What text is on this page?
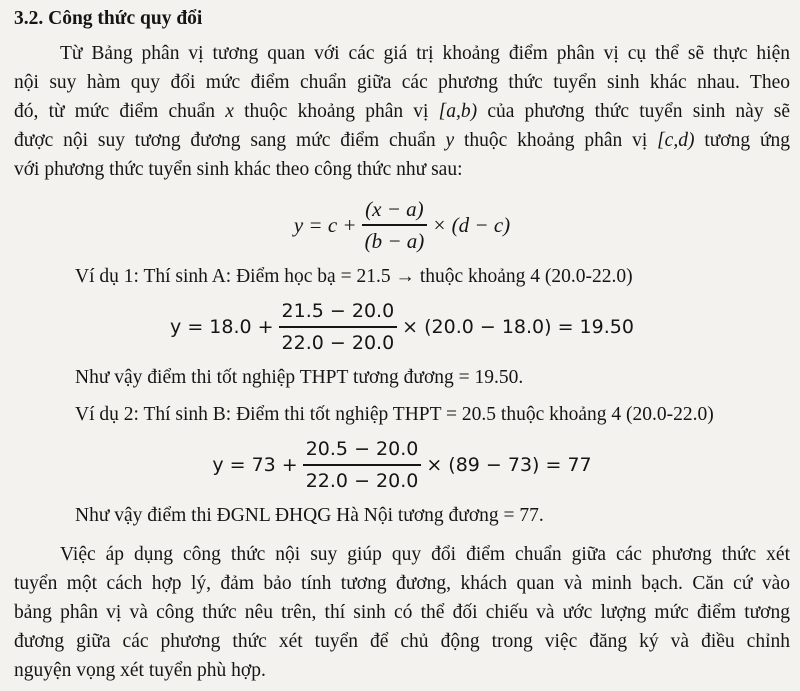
3.2. Công thức quy đổi
Từ Bảng phân vị tương quan với các giá trị khoảng điểm phân vị cụ thể sẽ thực hiện
nội suy hàm quy đổi mức điểm chuẩn giữa các phương thức tuyển sinh khác nhau. Theo
đó, từ mức điểm chuẩn x thuộc khoảng phân vị [a,b) của phương thức tuyển sinh này sẽ
được nội suy tương đương sang mức điểm chuẩn y thuộc khoảng phân vị [c,d) tương ứng
với phương thức tuyển sinh khác theo công thức như sau:
$y = c + \frac{(x - a)}{(b - a)} \times (d - c)$
Ví dụ 1: Thí sinh A: Điểm học bạ = 21.5 → thuộc khoảng 4 (20.0-22.0)
$y = 18.0 + \frac{21.5 - 20.0}{22.0 - 20.0} \times (20.0 - 18.0) = 19.50$
Như vậy điểm thi tốt nghiệp THPT tương đương = 19.50.
Ví dụ 2: Thí sinh B: Điểm thi tốt nghiệp THPT = 20.5 thuộc khoảng 4 (20.0-22.0)
$y = 73 + \frac{20.5 - 20.0}{22.0 - 20.0} \times (89 - 73) = 77$
Như vậy điểm thi ĐGNL ĐHQG Hà Nội tương đương = 77.
Việc áp dụng công thức nội suy giúp quy đổi điểm chuẩn giữa các phương thức xét
tuyển một cách hợp lý, đảm bảo tính tương đương, khách quan và minh bạch. Căn cứ vào
bảng phân vị và công thức nêu trên, thí sinh có thể đối chiếu và ước lượng mức điểm tương
đương giữa các phương thức xét tuyển để chủ động trong việc đăng ký và điều chỉnh
nguyện vọng xét tuyển phù hợp.
